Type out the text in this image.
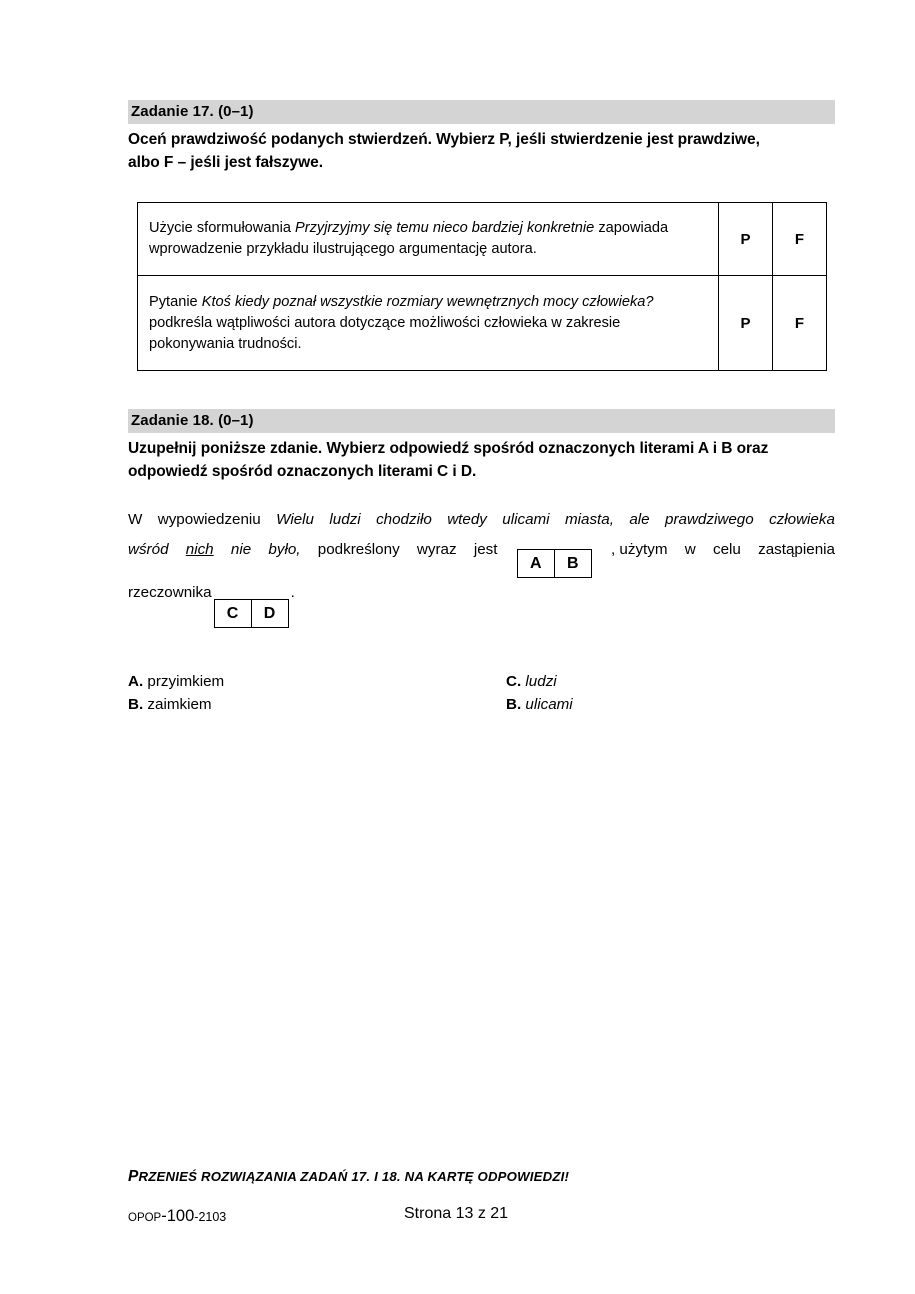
Zadanie 17. (0–1)
Oceń prawdziwość podanych stwierdzeń. Wybierz P, jeśli stwierdzenie jest prawdziwe,
albo F – jeśli jest fałszywe.
Użycie sformułowania Przyjrzyjmy się temu nieco bardziej konkretnie zapowiada wprowadzenie przykładu ilustrującego argumentację autora.	P	F
Pytanie Ktoś kiedy poznał wszystkie rozmiary wewnętrznych mocy człowieka? podkreśla wątpliwości autora dotyczące możliwości człowieka w zakresie pokonywania trudności.	P	F
Zadanie 18. (0–1)
Uzupełnij poniższe zdanie. Wybierz odpowiedź spośród oznaczonych literami A i B oraz
odpowiedź spośród oznaczonych literami C i D.
W wypowiedzeniu Wielu ludzi chodziło wtedy ulicami miasta, ale prawdziwego człowieka
wśród nich nie było, podkreślony wyraz jest
A B
, użytym w celu zastąpienia
rzeczownikaC D.
A. przyimkiem
B. zaimkiem
C. ludzi
B. ulicami
PRZENIEŚ ROZWIĄZANIA ZADAŃ 17. I 18. NA KARTĘ ODPOWIEDZI!
OPOP-100-2103	Strona 13 z 21
